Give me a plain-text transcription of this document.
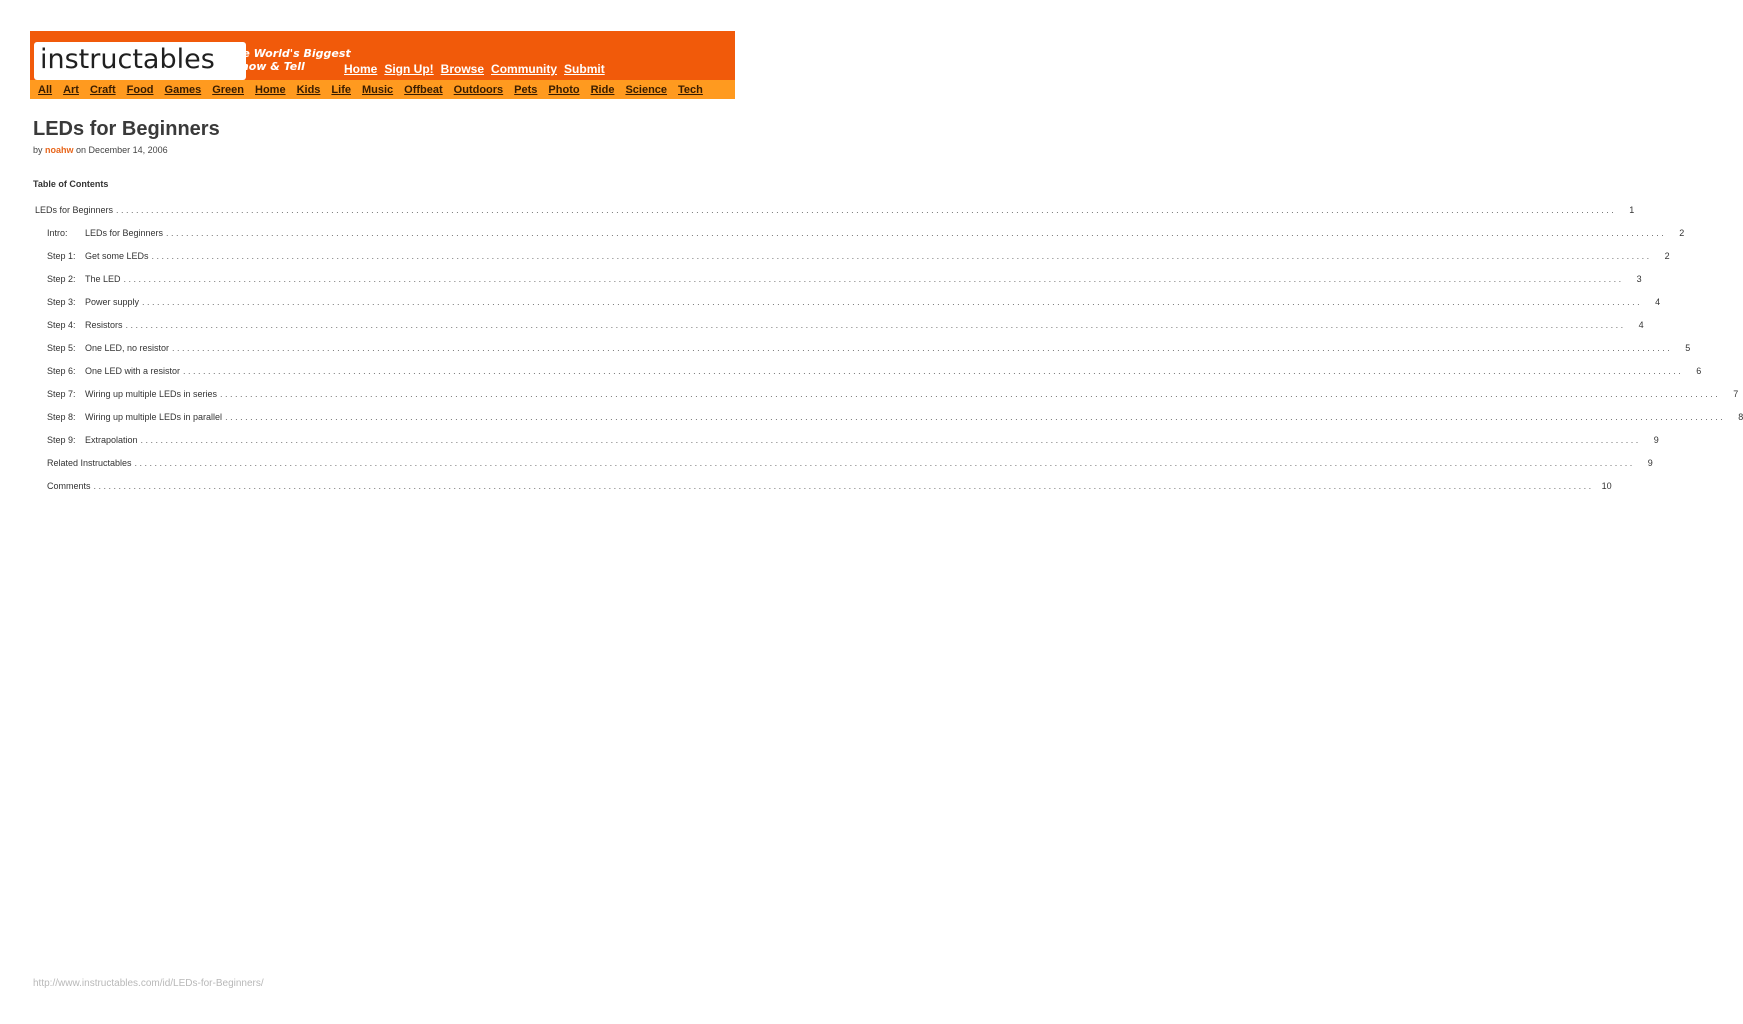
instructables The World's Biggest
Show & Tell	Home Sign Up! Browse Community Submit
All Art Craft Food Games Green Home Kids Life Music Offbeat Outdoors Pets Photo Ride Science Tech
LEDs for Beginners
by noahw on December 14, 2006
Table of Contents
LEDs for Beginners ............................................................................................................................................................................................................................................................................................................	1
Intro: LEDs for Beginners ............................................................................................................................................................................................................................................................................................................	2
Step 1: Get some LEDs ............................................................................................................................................................................................................................................................................................................	2
Step 2: The LED ............................................................................................................................................................................................................................................................................................................	3
Step 3: Power supply ............................................................................................................................................................................................................................................................................................................	4
Step 4: Resistors ............................................................................................................................................................................................................................................................................................................	4
Step 5: One LED, no resistor ............................................................................................................................................................................................................................................................................................................	5
Step 6: One LED with a resistor ............................................................................................................................................................................................................................................................................................................	6
Step 7: Wiring up multiple LEDs in series ............................................................................................................................................................................................................................................................................................................	7
Step 8: Wiring up multiple LEDs in parallel ............................................................................................................................................................................................................................................................................................................	8
Step 9: Extrapolation ............................................................................................................................................................................................................................................................................................................	9
Related Instructables ............................................................................................................................................................................................................................................................................................................	9
Comments ............................................................................................................................................................................................................................................................................................................ 10
http://www.instructables.com/id/LEDs-for-Beginners/
